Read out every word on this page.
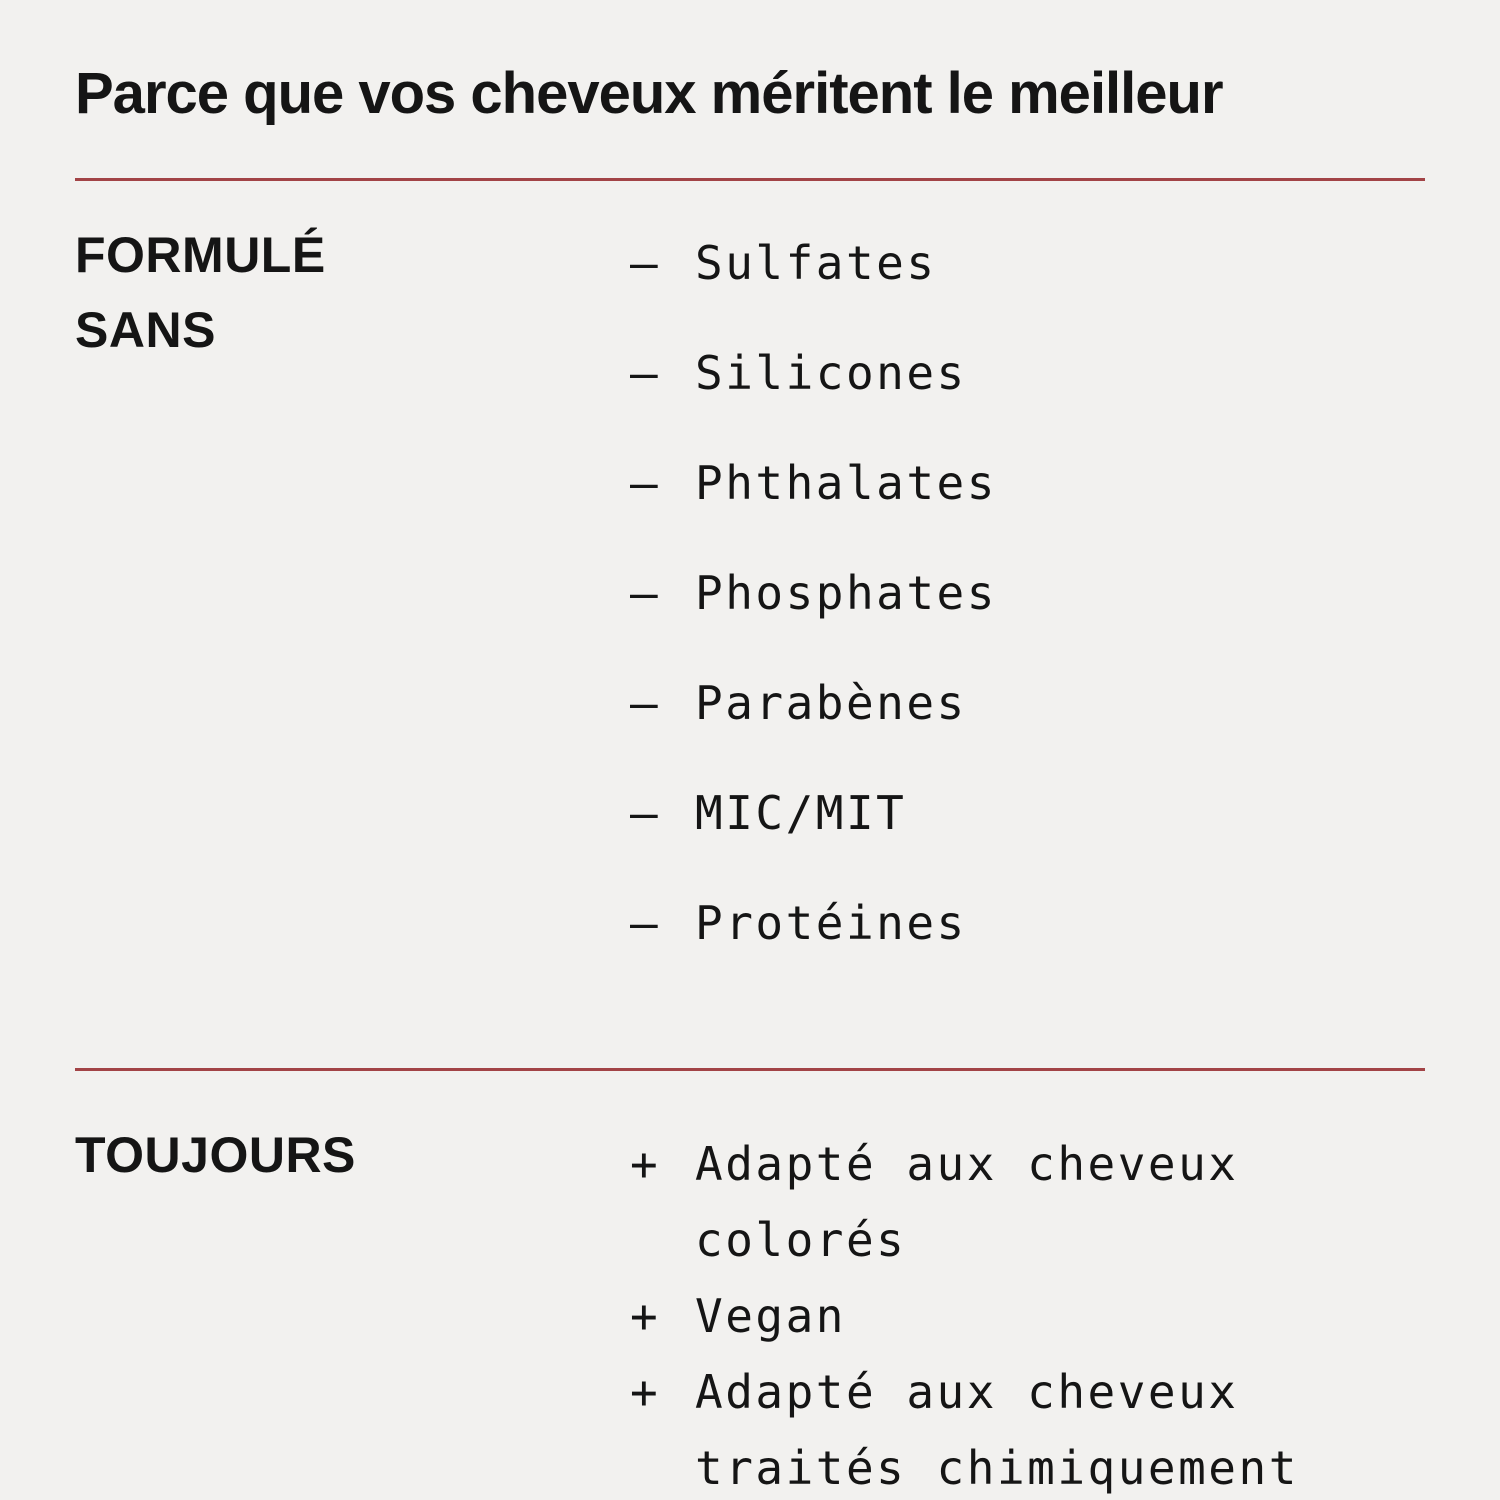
Parce que vos cheveux méritent le meilleur
FORMULÉ
SANS
— Sulfates
— Silicones
— Phthalates
— Phosphates
— Parabènes
— MIC/MIT
— Protéines
TOUJOURS	+ Adapté aux cheveux colorés
+ Vegan
+ Adapté aux cheveux traités chimiquement
